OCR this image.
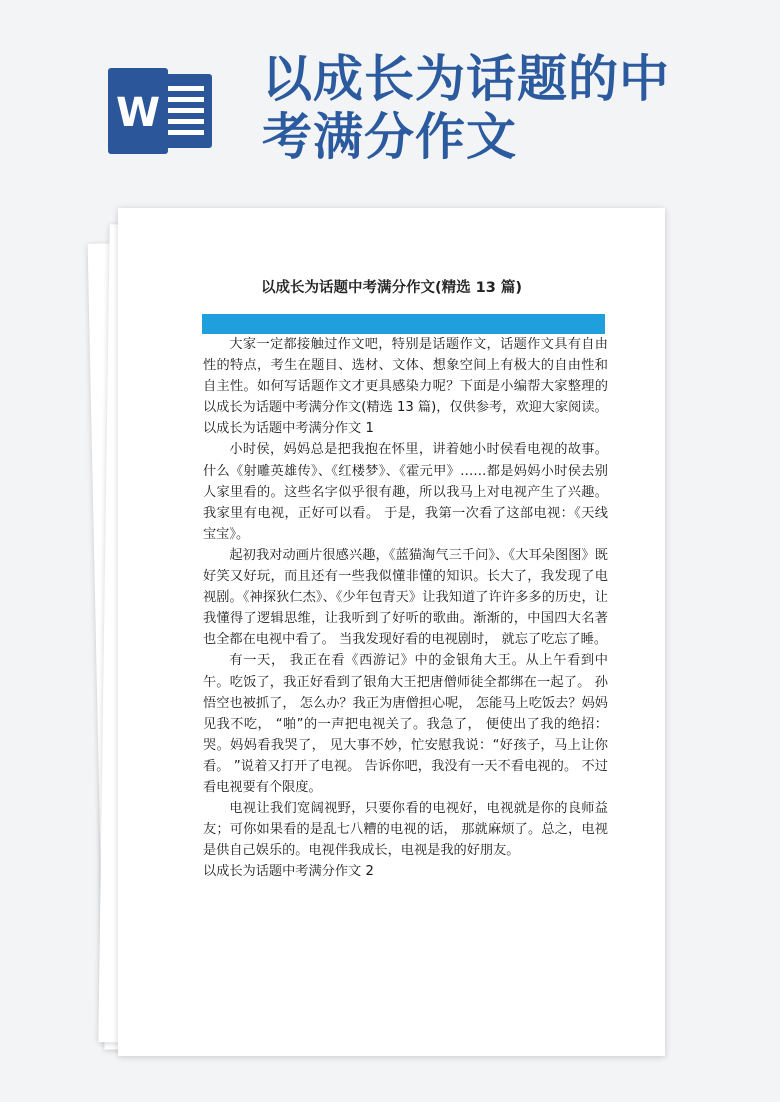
W
以成长为话题的中
考满分作文
以成长为话题中考满分作文(精选 13 篇)

大家一定都接触过作文吧，特别是话题作文，话题作文具有自由性的特点，考生在题目、选材、文体、想象空间上有极大的自由性和自主性。如何写话题作文才更具感染力呢？下面是小编帮大家整理的以成长为话题中考满分作文(精选 13 篇)，仅供参考，欢迎大家阅读。

以成长为话题中考满分作文 1

小时侯，妈妈总是把我抱在怀里，讲着她小时侯看电视的故事。什么《射雕英雄传》、《红楼梦》、《霍元甲》……都是妈妈小时侯去别人家里看的。这些名字似乎很有趣，所以我马上对电视产生了兴趣。我家里有电视，正好可以看。 于是，我第一次看了这部电视：《天线宝宝》。

起初我对动画片很感兴趣，《蓝猫淘气三千问》、《大耳朵图图》既好笑又好玩，而且还有一些我似懂非懂的知识。长大了，我发现了电视剧。《神探狄仁杰》、《少年包青天》让我知道了许许多多的历史，让我懂得了逻辑思维，让我听到了好听的歌曲。渐渐的，中国四大名著也全都在电视中看了。 当我发现好看的电视剧时， 就忘了吃忘了睡。

有一天， 我正在看《西游记》中的金银角大王。从上午看到中午。吃饭了，我正好看到了银角大王把唐僧师徒全都绑在一起了。 孙悟空也被抓了， 怎么办？我正为唐僧担心呢， 怎能马上吃饭去？妈妈见我不吃， “啪”的一声把电视关了。我急了， 便使出了我的绝招：哭。妈妈看我哭了， 见大事不妙，忙安慰我说：“好孩子，马上让你看。 ”说着又打开了电视。 告诉你吧，我没有一天不看电视的。 不过看电视要有个限度。

电视让我们宽阔视野，只要你看的电视好，电视就是你的良师益友；可你如果看的是乱七八糟的电视的话， 那就麻烦了。总之，电视是供自己娱乐的。电视伴我成长，电视是我的好朋友。

以成长为话题中考满分作文 2
